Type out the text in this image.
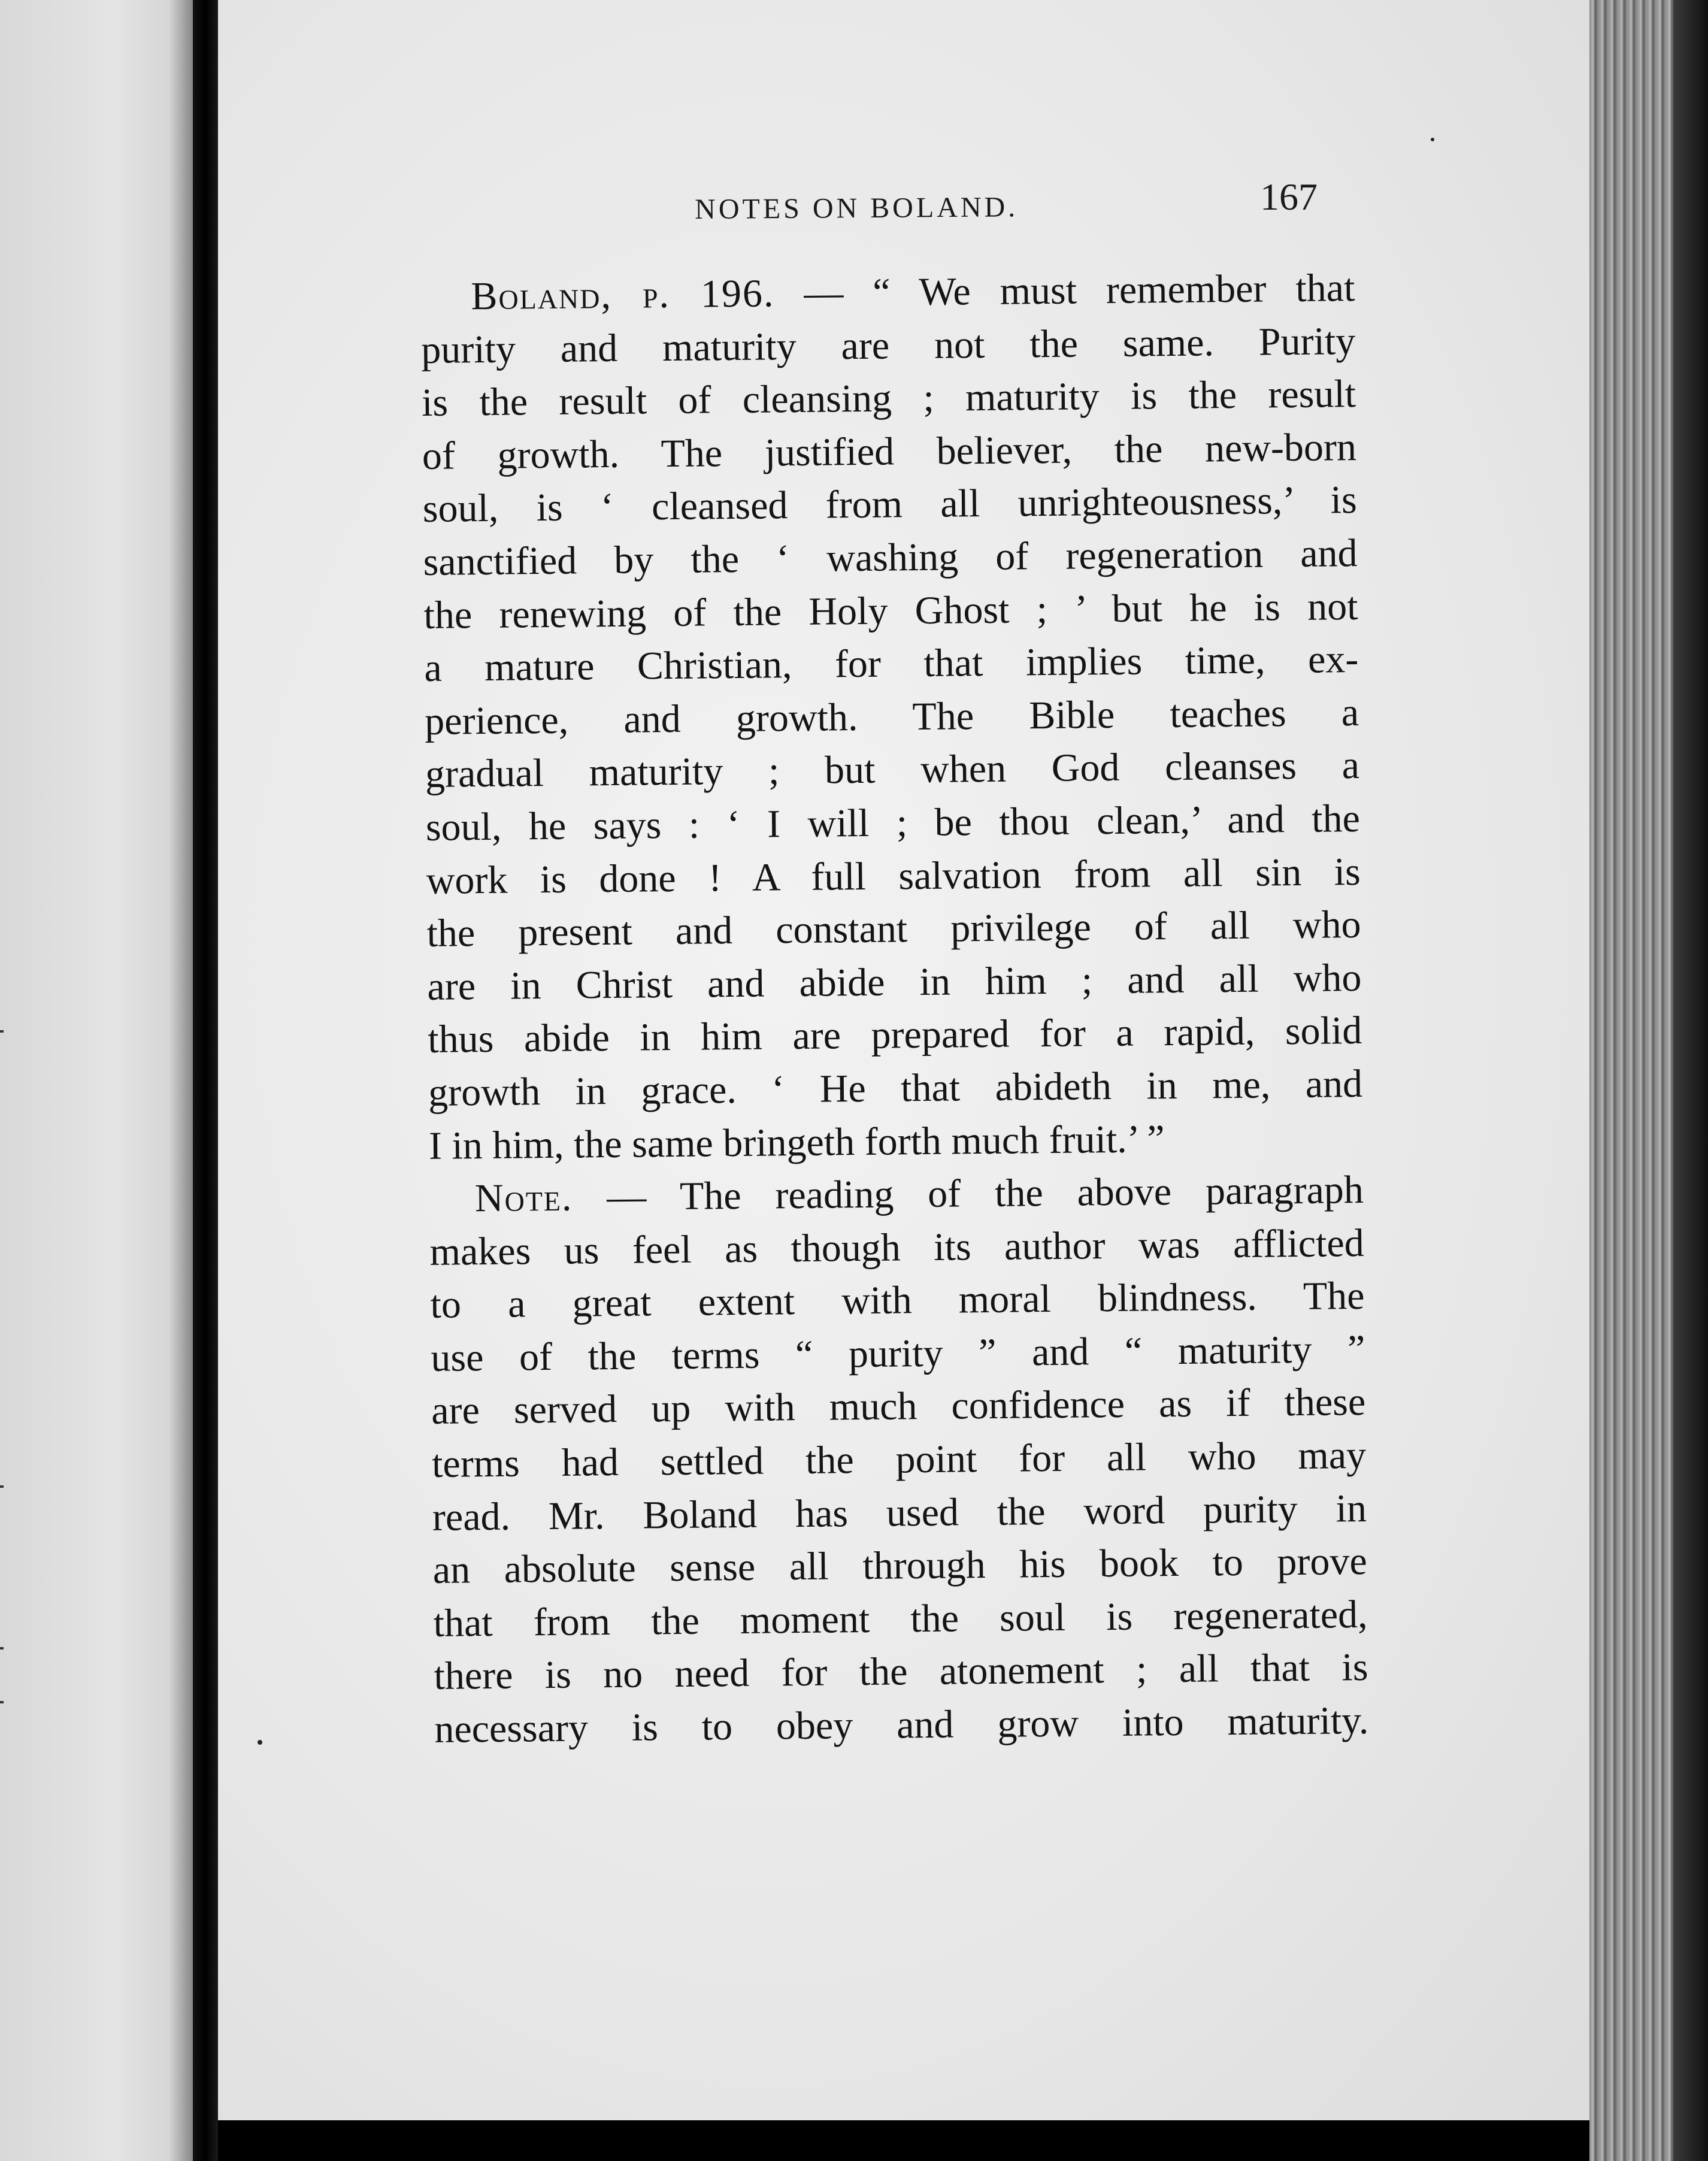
NOTES ON BOLAND.	167
Boland, p. 196. — “ We must remember that
purity and maturity are not the same. Purity
is the result of cleansing ; maturity is the result
of growth. The justified believer, the new-born
soul, is ‘ cleansed from all unrighteousness,’ is
sanctified by the ‘ washing of regeneration and
the renewing of the Holy Ghost ; ’ but he is not
a mature Christian, for that implies time, ex-
perience, and growth. The Bible teaches a
gradual maturity ; but when God cleanses a
soul, he says : ‘ I will ; be thou clean,’ and the
work is done ! A full salvation from all sin is
the present and constant privilege of all who
are in Christ and abide in him ; and all who
thus abide in him are prepared for a rapid, solid
growth in grace. ‘ He that abideth in me, and
I in him, the same bringeth forth much fruit.’ ”
Note. — The reading of the above paragraph
makes us feel as though its author was afflicted
to a great extent with moral blindness. The
use of the terms “ purity ” and “ maturity ”
are served up with much confidence as if these
terms had settled the point for all who may
read. Mr. Boland has used the word purity in
an absolute sense all through his book to prove
that from the moment the soul is regenerated,
there is no need for the atonement ; all that is
necessary is to obey and grow into maturity.
